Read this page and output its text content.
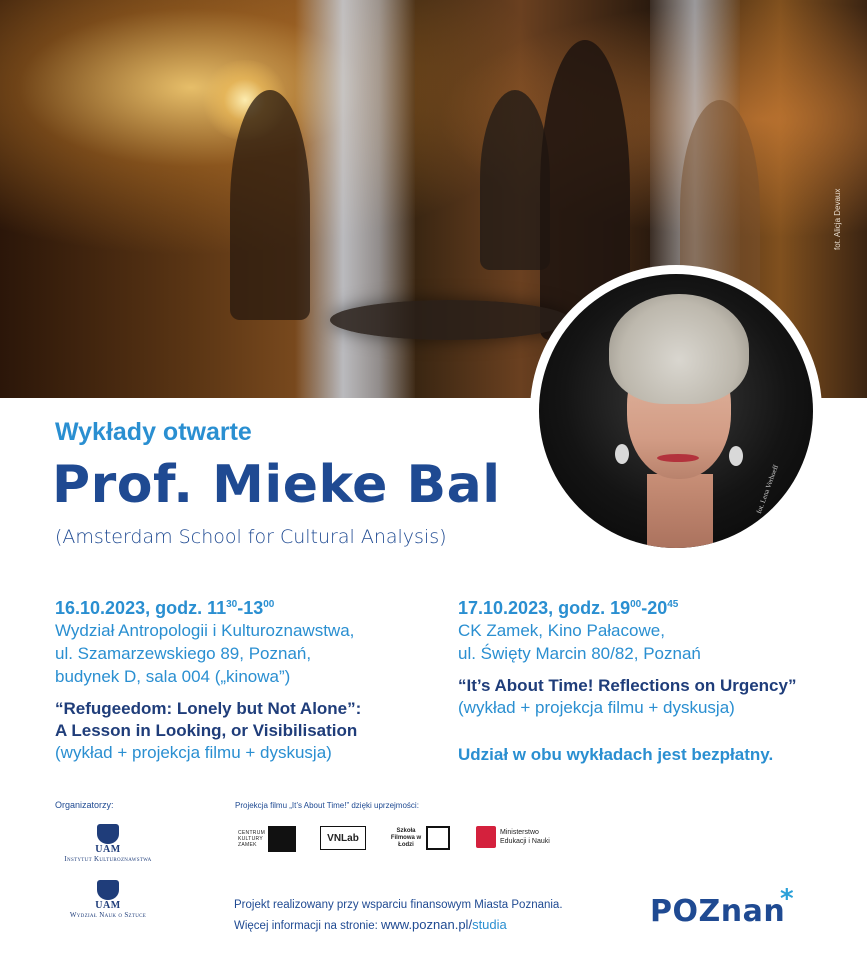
fot. Alicja Devaux
fot. Lena Verhoeff
Wykłady otwarte
Prof. Mieke Bal
(Amsterdam School for Cultural Analysis)

16.10.2023, godz. $11^{30}-13^{00}$

Wydział Antropologii i Kulturoznawstwa,

ul. Szamarzewskiego 89, Poznań,

budynek D, sala 004 („kinowa”)

“Refugeedom: Lonely but Not Alone”:
A Lesson in Looking, or Visibilisation

(wykład + projekcja filmu + dyskusja)

17.10.2023, godz. $19^{00}-20^{45}$

CK Zamek, Kino Pałacowe,

ul. Święty Marcin 80/82, Poznań

“It’s About Time! Reflections on Urgency”

(wykład + projekcja filmu + dyskusja)

Udział w obu wykładach jest bezpłatny.

Organizatorzy:
UAM
Instytut Kulturoznawstwa
UAM
Wydział Nauk o Sztuce
Projekcja filmu „It’s About Time!” dzięki uprzejmości:
CENTRUM KULTURY ZAMEK
VNLab
Szkoła Filmowa w Łodzi
Ministerstwo Edukacji i Nauki
Projekt realizowany przy wsparciu finansowym Miasta Poznania.
Więcej informacji na stronie: www.poznan.pl/studia	POZnan
*
